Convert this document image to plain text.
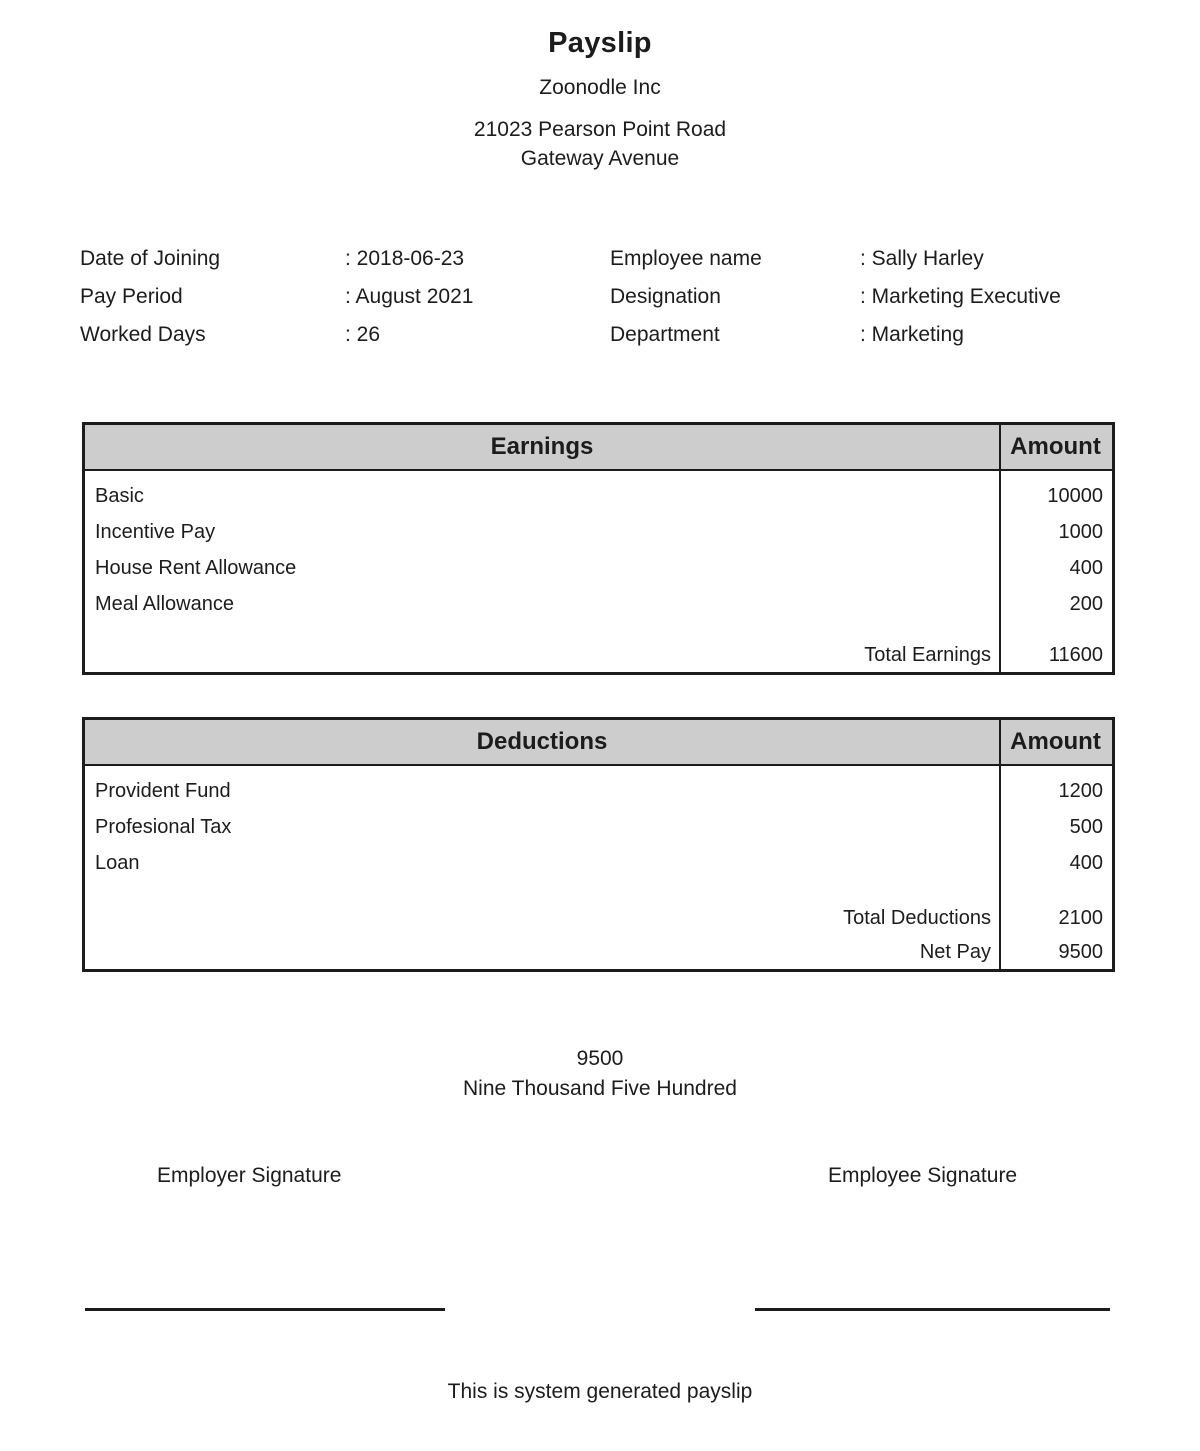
Payslip
Zoonodle Inc
21023 Pearson Point Road
Gateway Avenue
Date of Joining	: 2018-06-23
Pay Period	: August 2021
Worked Days	: 26
Employee name	: Sally Harley
Designation	: Marketing Executive
Department	: Marketing
Earnings	Amount
Basic	10000
Incentive Pay	1000
House Rent Allowance	400
Meal Allowance	200
Total Earnings	11600
Deductions	Amount
Provident Fund	1200
Profesional Tax	500
Loan	400
Total Deductions	2100
Net Pay	9500
9500
Nine Thousand Five Hundred
Employer Signature	Employee Signature
This is system generated payslip
